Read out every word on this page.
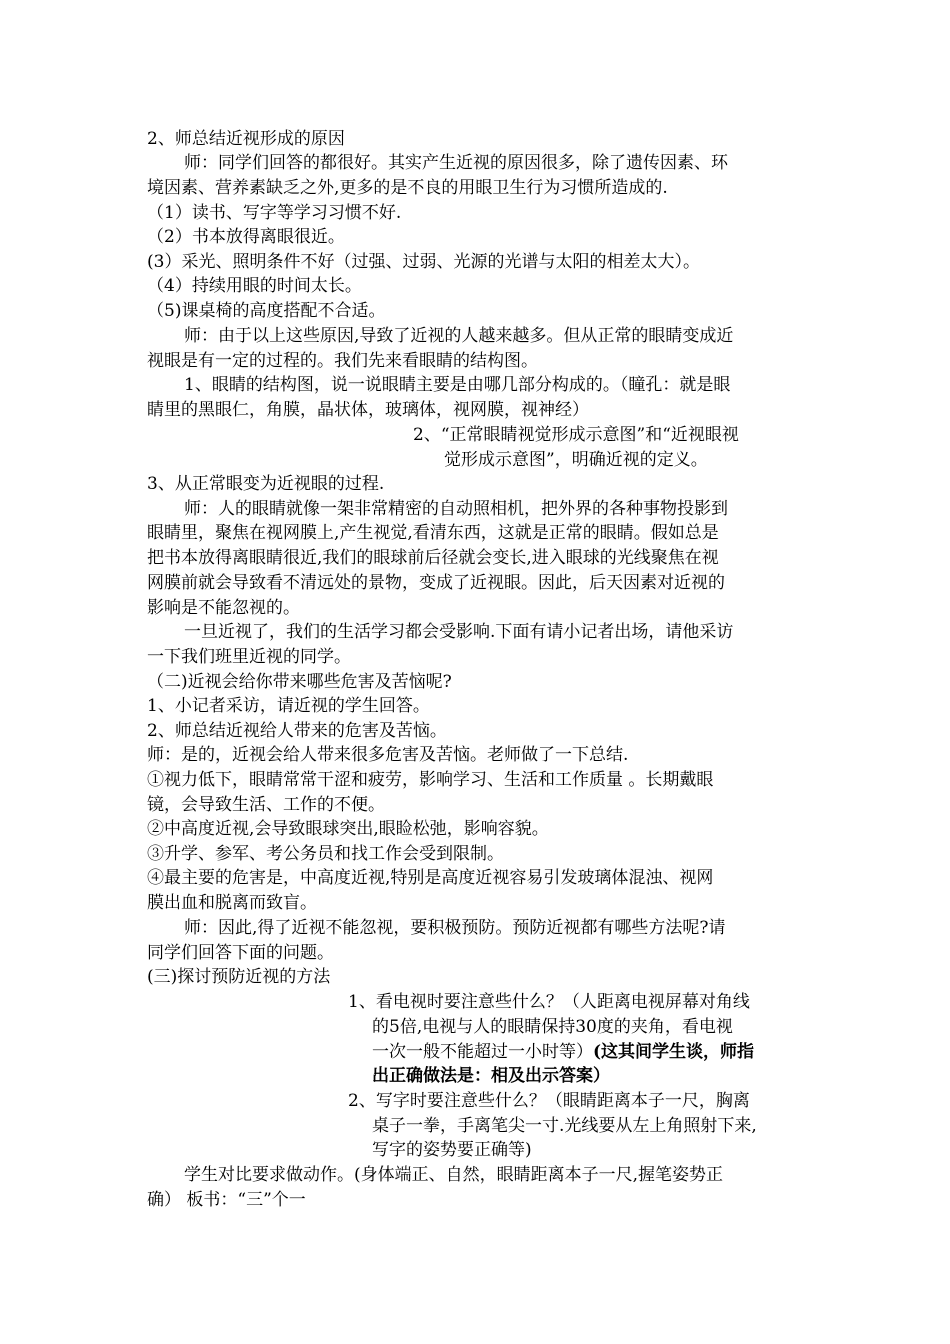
2、师总结近视形成的原因
师：同学们回答的都很好。其实产生近视的原因很多，除了遗传因素、环
境因素、营养素缺乏之外,更多的是不良的用眼卫生行为习惯所造成的.
（1）读书、写字等学习习惯不好.
（2）书本放得离眼很近。
(3）采光、照明条件不好（过强、过弱、光源的光谱与太阳的相差太大）。
（4）持续用眼的时间太长。
（5)课桌椅的高度搭配不合适。
师：由于以上这些原因,导致了近视的人越来越多。但从正常的眼睛变成近
视眼是有一定的过程的。我们先来看眼睛的结构图。
1、眼睛的结构图，说一说眼睛主要是由哪几部分构成的。（瞳孔：就是眼
睛里的黑眼仁，角膜，晶状体，玻璃体，视网膜，视神经）
2、“正常眼睛视觉形成示意图”和“近视眼视
觉形成示意图”，明确近视的定义。
3、从正常眼变为近视眼的过程.
师：人的眼睛就像一架非常精密的自动照相机，把外界的各种事物投影到
眼睛里，聚焦在视网膜上,产生视觉,看清东西，这就是正常的眼睛。假如总是
把书本放得离眼睛很近,我们的眼球前后径就会变长,进入眼球的光线聚焦在视
网膜前就会导致看不清远处的景物，变成了近视眼。因此，后天因素对近视的
影响是不能忽视的。
一旦近视了，我们的生活学习都会受影响.下面有请小记者出场，请他采访
一下我们班里近视的同学。
（二)近视会给你带来哪些危害及苦恼呢?
1、小记者采访，请近视的学生回答。
2、师总结近视给人带来的危害及苦恼。
师：是的，近视会给人带来很多危害及苦恼。老师做了一下总结.
①视力低下，眼睛常常干涩和疲劳，影响学习、生活和工作质量 。长期戴眼
镜，会导致生活、工作的不便。
②中高度近视,会导致眼球突出,眼睑松弛，影响容貌。
③升学、参军、考公务员和找工作会受到限制。
④最主要的危害是，中高度近视,特别是高度近视容易引发玻璃体混浊、视网
膜出血和脱离而致盲。
师：因此,得了近视不能忽视，要积极预防。预防近视都有哪些方法呢?请
同学们回答下面的问题。
(三)探讨预防近视的方法
1、看电视时要注意些什么？（人距离电视屏幕对角线
的5倍,电视与人的眼睛保持30度的夹角，看电视
一次一般不能超过一小时等）(这其间学生谈，师指
出正确做法是：相及出示答案）
2、写字时要注意些什么？（眼睛距离本子一尺，胸离
桌子一拳，手离笔尖一寸.光线要从左上角照射下来,
写字的姿势要正确等)
学生对比要求做动作。(身体端正、自然，眼睛距离本子一尺,握笔姿势正
确） 板书：“三”个一
